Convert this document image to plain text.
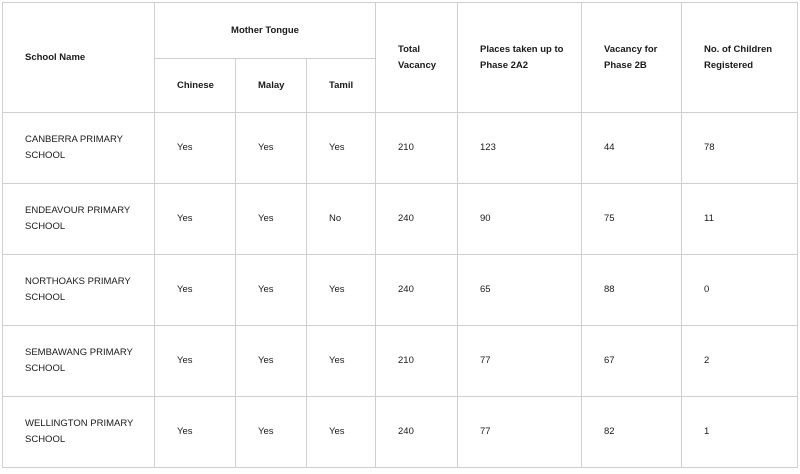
School Name	Mother Tongue			Total Vacancy	Places taken up to Phase 2A2	Vacancy for Phase 2B	No. of Children Registered
	Chinese	Malay	Tamil				
CANBERRA PRIMARY SCHOOL	Yes	Yes	Yes	210	123	44	78
ENDEAVOUR PRIMARY SCHOOL	Yes	Yes	No	240	90	75	11
NORTHOAKS PRIMARY SCHOOL	Yes	Yes	Yes	240	65	88	0
SEMBAWANG PRIMARY SCHOOL	Yes	Yes	Yes	210	77	67	2
WELLINGTON PRIMARY SCHOOL	Yes	Yes	Yes	240	77	82	1
